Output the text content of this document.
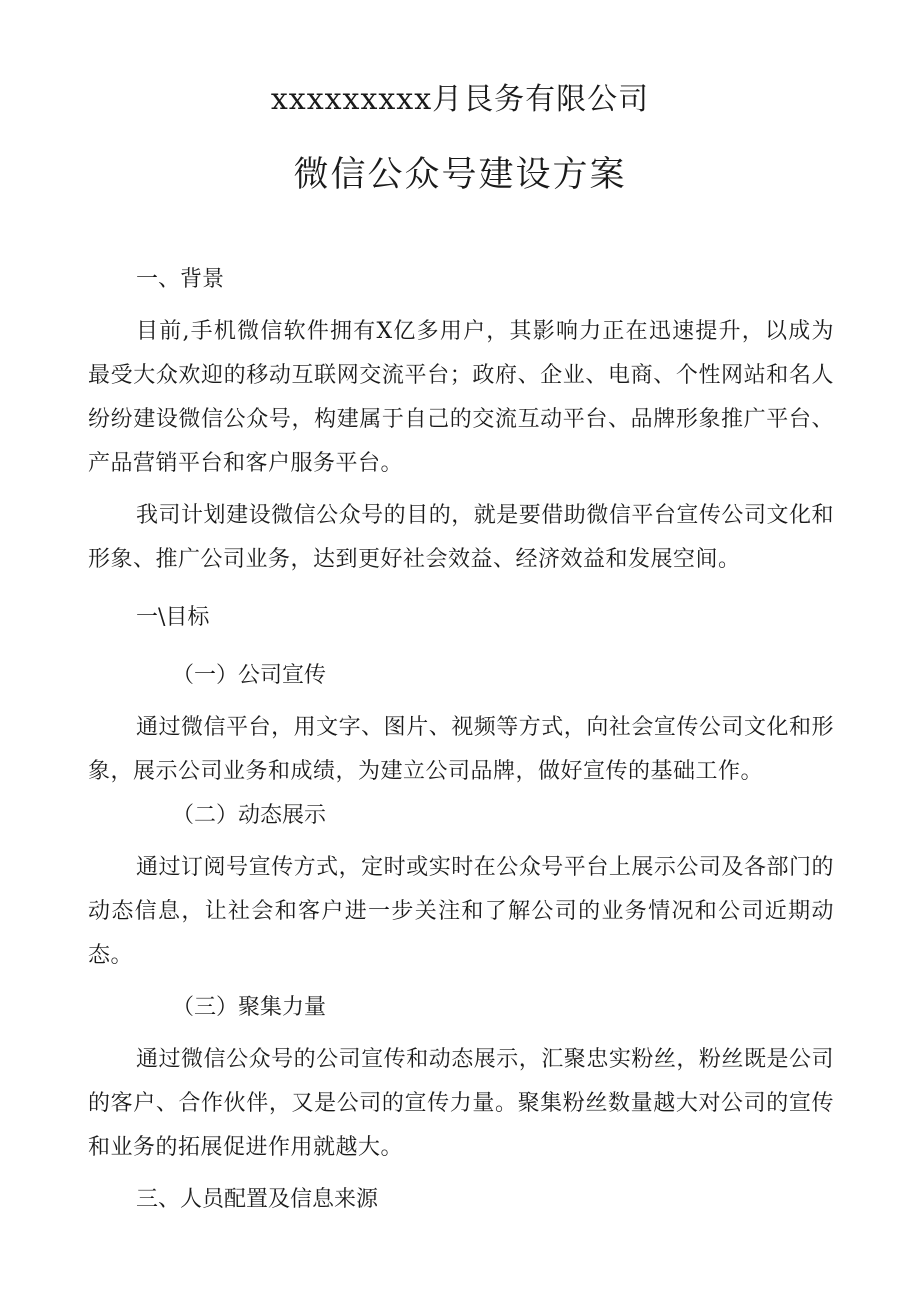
xxxxxxxxx月艮务有限公司
微信公众号建设方案
一、背景

目前,手机微信软件拥有X亿多用户，其影响力正在迅速提升，以成为最受大众欢迎的移动互联网交流平台；政府、企业、电商、个性网站和名人纷纷建设微信公众号，构建属于自己的交流互动平台、品牌形象推广平台、产品营销平台和客户服务平台。

我司计划建设微信公众号的目的，就是要借助微信平台宣传公司文化和形象、推广公司业务，达到更好社会效益、经济效益和发展空间。

一\目标
（一）公司宣传

通过微信平台，用文字、图片、视频等方式，向社会宣传公司文化和形象，展示公司业务和成绩，为建立公司品牌，做好宣传的基础工作。

（二）动态展示

通过订阅号宣传方式，定时或实时在公众号平台上展示公司及各部门的动态信息，让社会和客户进一步关注和了解公司的业务情况和公司近期动态。

（三）聚集力量

通过微信公众号的公司宣传和动态展示，汇聚忠实粉丝，粉丝既是公司的客户、合作伙伴，又是公司的宣传力量。聚集粉丝数量越大对公司的宣传和业务的拓展促进作用就越大。

三、人员配置及信息来源
